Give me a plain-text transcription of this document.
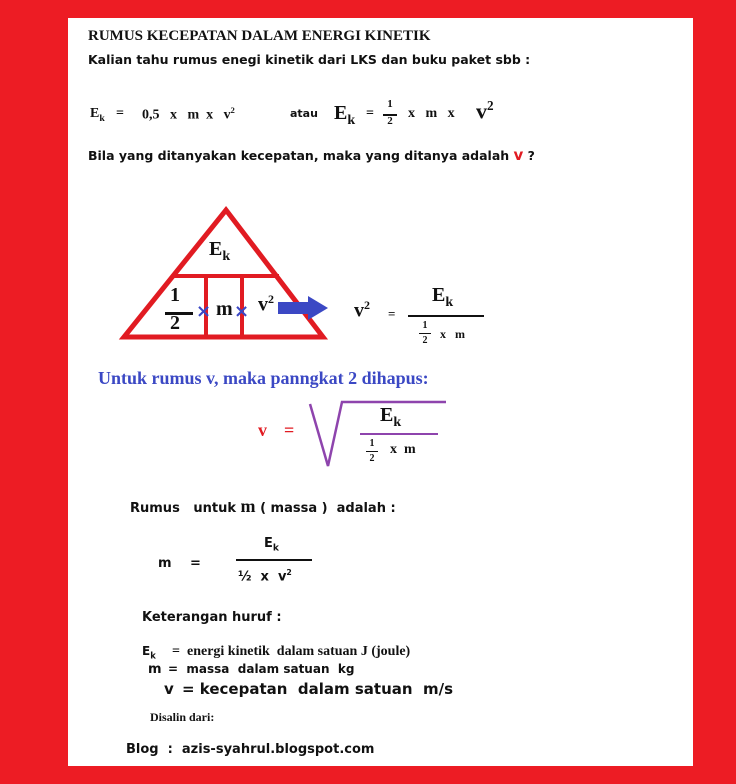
RUMUS KECEPATAN DALAM ENERGI KINETIK
Kalian tahu rumus enegi kinetik dari LKS dan buku paket sbb :
$E_k = 0,5$   x   m  x   $v^2$	atau $E_k$ =
1
2 x   m   x $v^2$
Bila yang ditanyakan kecepatan, maka yang ditanya adalah v ?
$E_k$
1
2
× $m \times v^2$
$v^2$
=
$E_k$
1
2 x   m
Untuk rumus v, maka panngkat 2 dihapus:
v =
$E_k$
1
2
x  m
Rumus   untuk m ( massa )  adalah :
m =
$E_k$
½  x  $v^2$
Keterangan huruf :
$E_k$ =  energi kinetik  dalam satuan J (joule)
m =  massa  dalam satuan  kg
v = kecepatan  dalam satuan  m/s
Disalin dari:
Blog  :  azis-syahrul.blogspot.com
